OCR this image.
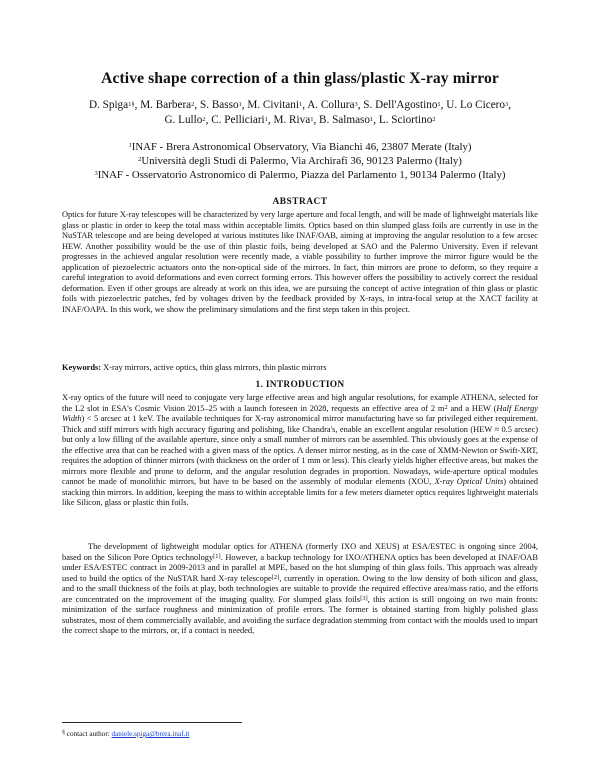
Active shape correction of a thin glass/plastic X-ray mirror
D. Spiga$^{1\S}$, M. Barbera$^2$, S. Basso$^1$, M. Civitani$^1$, A. Collura$^3$, S. Dell'Agostino$^1$, U. Lo Cicero$^3$,
G. Lullo$^2$, C. Pelliciari$^1$, M. Riva$^1$, B. Salmaso$^1$, L. Sciortino$^2$
$^1$INAF - Brera Astronomical Observatory, Via Bianchi 46, 23807 Merate (Italy)
$^2$Università degli Studi di Palermo, Via Archirafi 36, 90123 Palermo (Italy)
$^3$INAF - Osservatorio Astronomico di Palermo, Piazza del Parlamento 1, 90134 Palermo (Italy)
ABSTRACT

Optics for future X-ray telescopes will be characterized by very large aperture and focal length, and will be made of lightweight materials like glass or plastic in order to keep the total mass within acceptable limits. Optics based on thin slumped glass foils are currently in use in the NuSTAR telescope and are being developed at various institutes like INAF/OAB, aiming at improving the angular resolution to a few arcsec HEW. Another possibility would be the use of thin plastic foils, being developed at SAO and the Palermo University. Even if relevant progresses in the achieved angular resolution were recently made, a viable possibility to further improve the mirror figure would be the application of piezoelectric actuators onto the non-optical side of the mirrors. In fact, thin mirrors are prone to deform, so they require a careful integration to avoid deformations and even correct forming errors. This however offers the possibility to actively correct the residual deformation. Even if other groups are already at work on this idea, we are pursuing the concept of active integration of thin glass or plastic foils with piezoelectric patches, fed by voltages driven by the feedback provided by X-rays, in intra-focal setup at the XACT facility at INAF/OAPA. In this work, we show the preliminary simulations and the first steps taken in this project.

Keywords: X-ray mirrors, active optics, thin glass mirrors, thin plastic mirrors
1. INTRODUCTION

X-ray optics of the future will need to conjugate very large effective areas and high angular resolutions, for example ATHENA, selected for the L2 slot in ESA's Cosmic Vision 2015–25 with a launch foreseen in 2028, requests an effective area of 2 $m^2$ and a HEW (Half Energy Width) < 5 arcsec at 1 keV. The available techniques for X-ray astronomical mirror manufacturing have so far privileged either requirement. Thick and stiff mirrors with high accuracy figuring and polishing, like Chandra's, enable an excellent angular resolution (HEW ≈ 0.5 arcsec) but only a low filling of the available aperture, since only a small number of mirrors can be assembled. This obviously goes at the expense of the effective area that can be reached with a given mass of the optics. A denser mirror nesting, as in the case of XMM-Newton or Swift-XRT, requires the adoption of thinner mirrors (with thickness on the order of 1 mm or less). This clearly yields higher effective areas, but makes the mirrors more flexible and prone to deform, and the angular resolution degrades in proportion. Nowadays, wide-aperture optical modules cannot be made of monolithic mirrors, but have to be based on the assembly of modular elements (XOU, X-ray Optical Units) obtained stacking thin mirrors. In addition, keeping the mass to within acceptable limits for a few meters diameter optics requires lightweight materials like Silicon, glass or plastic thin foils.

The development of lightweight modular optics for ATHENA (formerly IXO and XEUS) at ESA/ESTEC is ongoing since 2004, based on the Silicon Pore Optics technology[1]. However, a backup technology for IXO/ATHENA optics has been developed at INAF/OAB under ESA/ESTEC contract in 2009-2013 and in parallel at MPE, based on the hot slumping of thin glass foils. This approach was already used to build the optics of the NuSTAR hard X-ray telescope[2], currently in operation. Owing to the low density of both silicon and glass, and to the small thickness of the foils at play, both technologies are suitable to provide the required effective area/mass ratio, and the efforts are concentrated on the improvement of the imaging quality. For slumped glass foils[3], this action is still ongoing on two main fronts: minimization of the surface roughness and minimization of profile errors. The former is obtained starting from highly polished glass substrates, most of them commercially available, and avoiding the surface degradation stemming from contact with the moulds used to impart the correct shape to the mirrors, or, if a contact is needed,

§ contact author: daniele.spiga@brera.inaf.it
